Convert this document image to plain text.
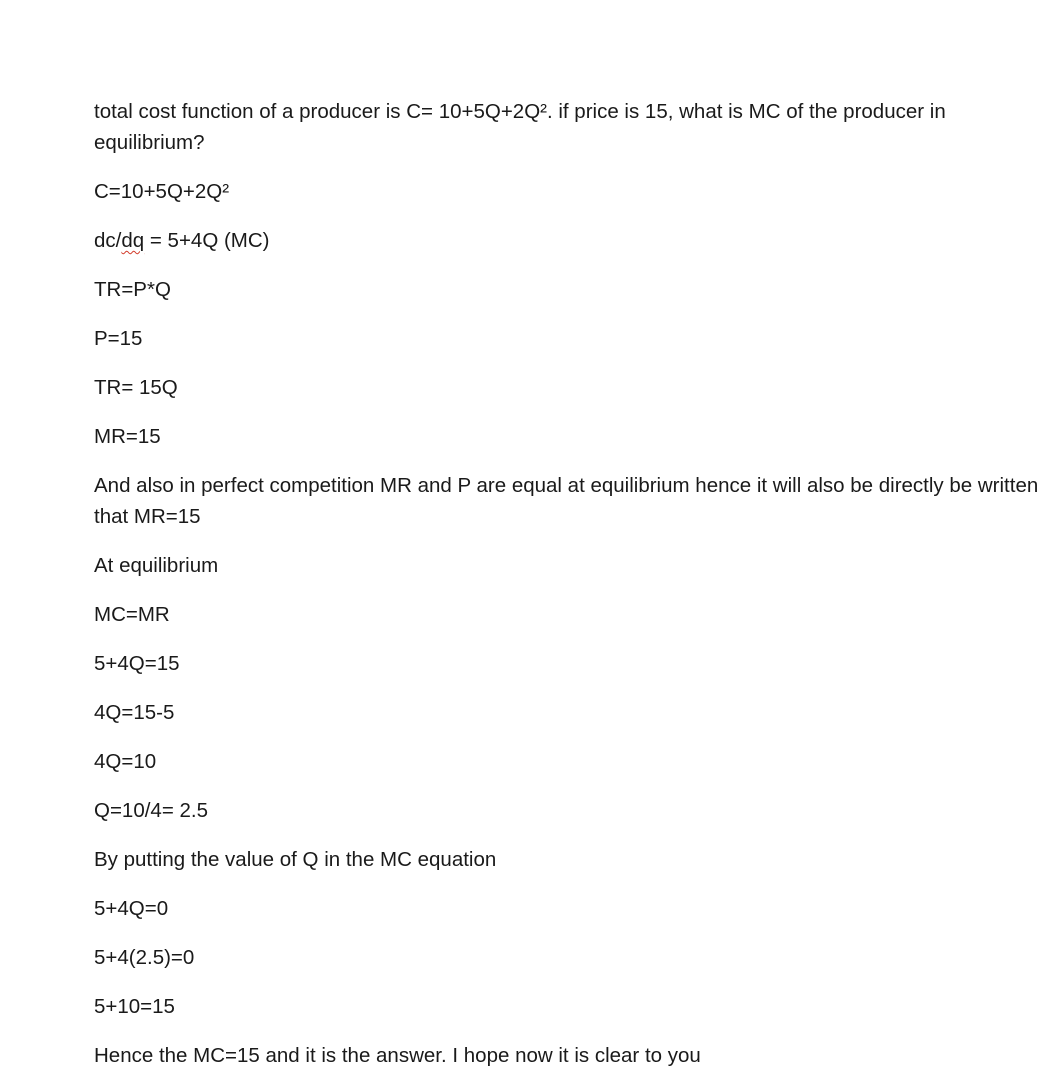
total cost function of a producer is C= 10+5Q+2Q². if price is 15, what is MC of the producer in equilibrium?

C=10+5Q+2Q²

dc/dq = 5+4Q (MC)

TR=P*Q

P=15

TR= 15Q

MR=15

And also in perfect competition MR and P are equal at equilibrium hence it will also be directly be written that MR=15

At equilibrium

MC=MR

5+4Q=15

4Q=15-5

4Q=10

Q=10/4= 2.5

By putting the value of Q in the MC equation

5+4Q=0

5+4(2.5)=0

5+10=15

Hence the MC=15 and it is the answer. I hope now it is clear to you
